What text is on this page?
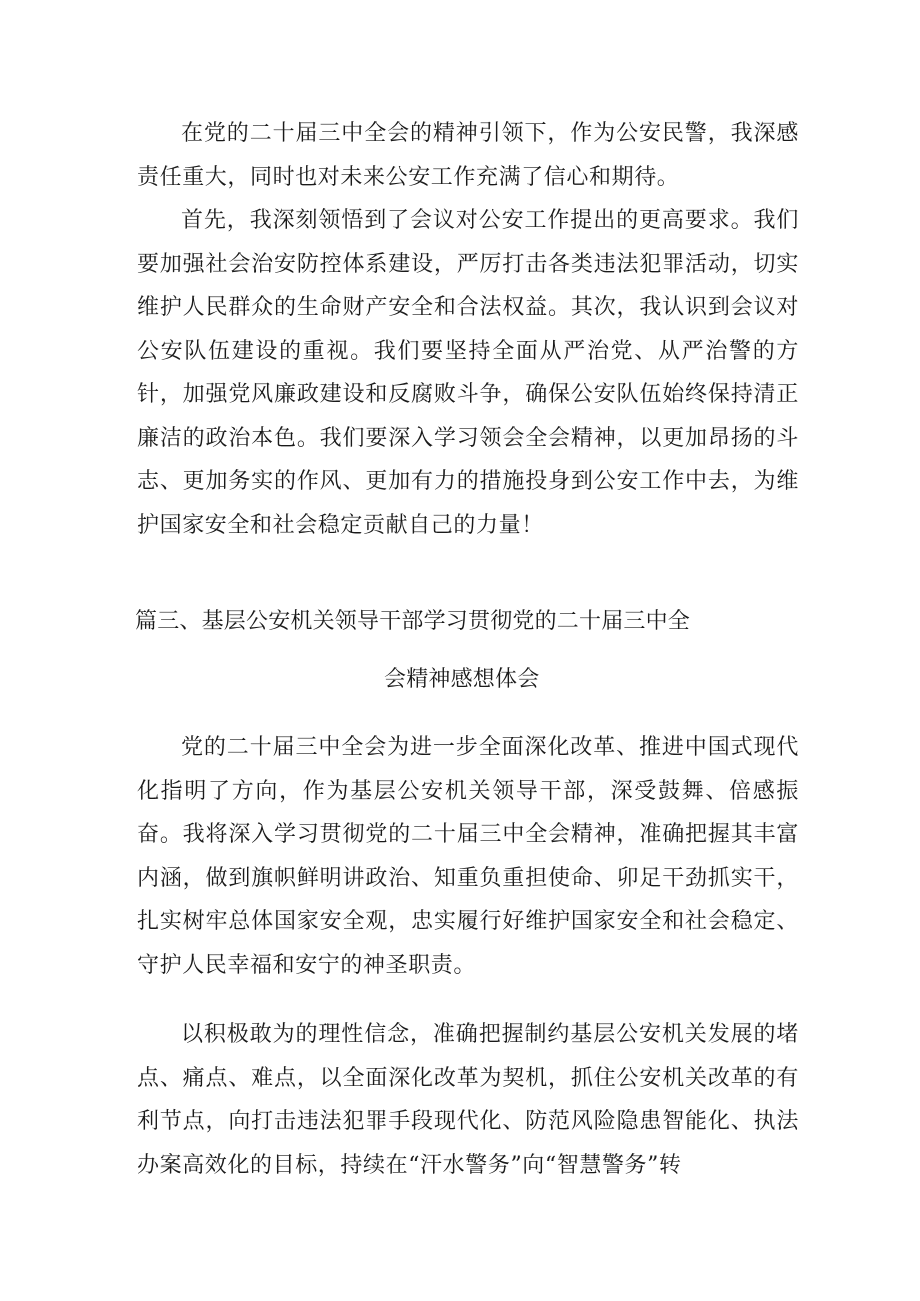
在党的二十届三中全会的精神引领下，作为公安民警，我深感责任重大，同时也对未来公安工作充满了信心和期待。

首先，我深刻领悟到了会议对公安工作提出的更高要求。我们要加强社会治安防控体系建设，严厉打击各类违法犯罪活动，切实维护人民群众的生命财产安全和合法权益。其次，我认识到会议对公安队伍建设的重视。我们要坚持全面从严治党、从严治警的方针，加强党风廉政建设和反腐败斗争，确保公安队伍始终保持清正廉洁的政治本色。我们要深入学习领会全会精神，以更加昂扬的斗志、更加务实的作风、更加有力的措施投身到公安工作中去，为维护国家安全和社会稳定贡献自己的力量！

篇三、基层公安机关领导干部学习贯彻党的二十届三中全
会精神感想体会

党的二十届三中全会为进一步全面深化改革、推进中国式现代化指明了方向，作为基层公安机关领导干部，深受鼓舞、倍感振奋。我将深入学习贯彻党的二十届三中全会精神，准确把握其丰富内涵，做到旗帜鲜明讲政治、知重负重担使命、卯足干劲抓实干，扎实树牢总体国家安全观，忠实履行好维护国家安全和社会稳定、守护人民幸福和安宁的神圣职责。

以积极敢为的理性信念，准确把握制约基层公安机关发展的堵点、痛点、难点，以全面深化改革为契机，抓住公安机关改革的有利节点，向打击违法犯罪手段现代化、防范风险隐患智能化、执法办案高效化的目标，持续在“汗水警务”向“智慧警务”转
